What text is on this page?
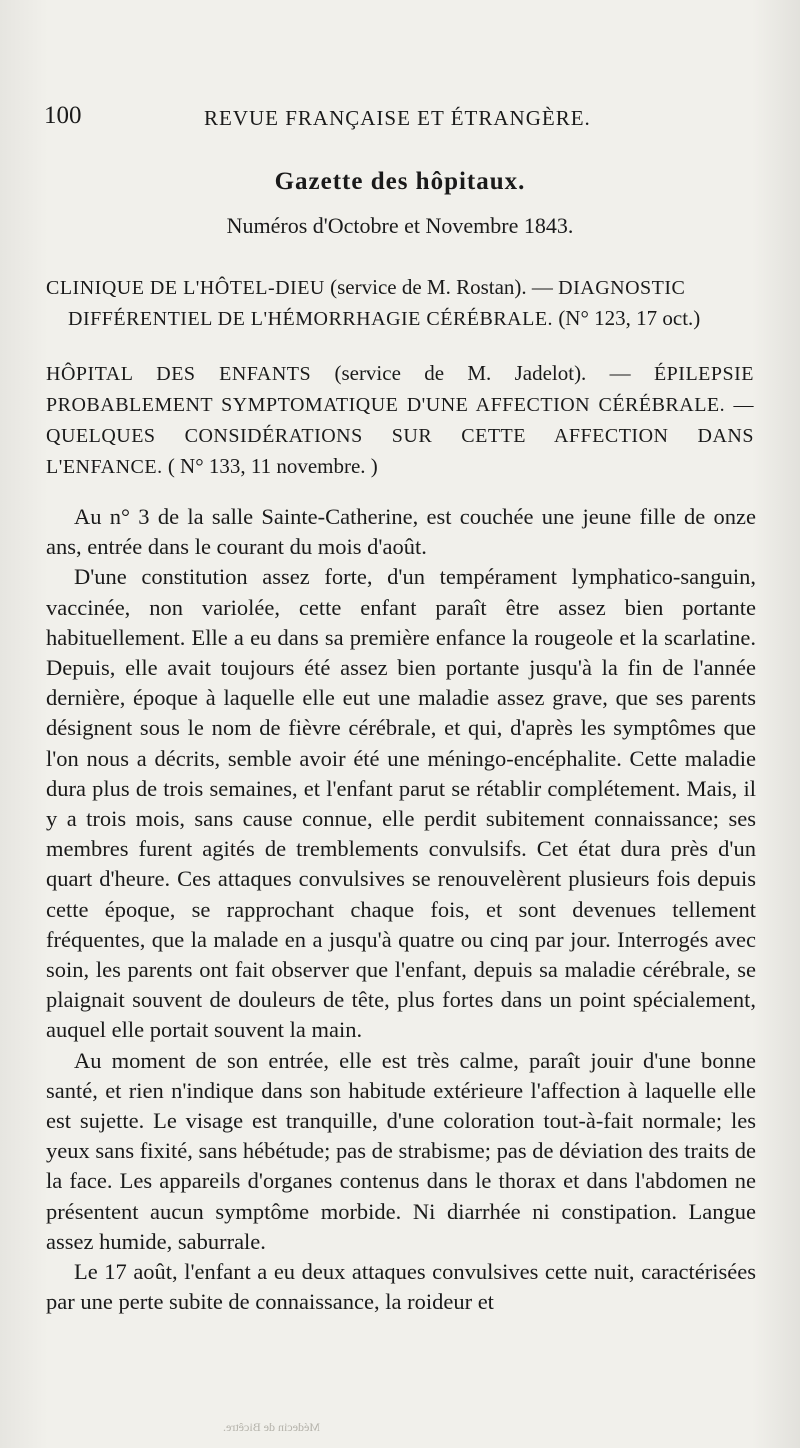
100	REVUE FRANÇAISE ET ÉTRANGÈRE.
Gazette des hôpitaux.
Numéros d'Octobre et Novembre 1843.
CLINIQUE DE L'HÔTEL-DIEU (service de M. Rostan). — DIAGNOSTIC
DIFFÉRENTIEL DE L'HÉMORRHAGIE CÉRÉBRALE. (N° 123, 17 oct.)
HÔPITAL DES ENFANTS (service de M. Jadelot). — ÉPILEPSIE PROBABLEMENT SYMPTOMATIQUE D'UNE AFFECTION CÉRÉBRALE. — QUELQUES CONSIDÉRATIONS SUR CETTE AFFECTION DANS L'ENFANCE. ( N° 133, 11 novembre. )

Au n° 3 de la salle Sainte-Catherine, est couchée une jeune fille de onze ans, entrée dans le courant du mois d'août.

D'une constitution assez forte, d'un tempérament lymphatico-sanguin, vaccinée, non variolée, cette enfant paraît être assez bien portante habituellement. Elle a eu dans sa première enfance la rougeole et la scarlatine. Depuis, elle avait toujours été assez bien portante jusqu'à la fin de l'année dernière, époque à laquelle elle eut une maladie assez grave, que ses parents désignent sous le nom de fièvre cérébrale, et qui, d'après les symptômes que l'on nous a décrits, semble avoir été une méningo-encéphalite. Cette maladie dura plus de trois semaines, et l'enfant parut se rétablir complétement. Mais, il y a trois mois, sans cause connue, elle perdit subitement connaissance; ses membres furent agités de tremblements convulsifs. Cet état dura près d'un quart d'heure. Ces attaques convulsives se renouvelèrent plusieurs fois depuis cette époque, se rapprochant chaque fois, et sont devenues tellement fréquentes, que la malade en a jusqu'à quatre ou cinq par jour. Interrogés avec soin, les parents ont fait observer que l'enfant, depuis sa maladie cérébrale, se plaignait souvent de douleurs de tête, plus fortes dans un point spécialement, auquel elle portait souvent la main.

Au moment de son entrée, elle est très calme, paraît jouir d'une bonne santé, et rien n'indique dans son habitude extérieure l'affection à laquelle elle est sujette. Le visage est tranquille, d'une coloration tout-à-fait normale; les yeux sans fixité, sans hébétude; pas de strabisme; pas de déviation des traits de la face. Les appareils d'organes contenus dans le thorax et dans l'abdomen ne présentent aucun symptôme morbide. Ni diarrhée ni constipation. Langue assez humide, saburrale.

Le 17 août, l'enfant a eu deux attaques convulsives cette nuit, caractérisées par une perte subite de connaissance, la roideur et

Médecin de Bicêtre.
